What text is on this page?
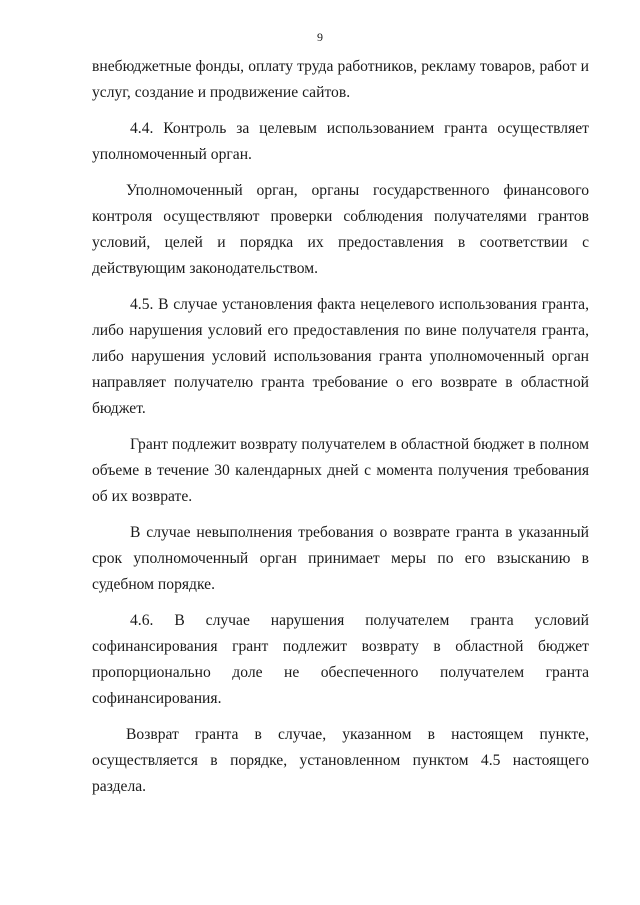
9

внебюджетные фонды, оплату труда работников, рекламу товаров, работ и услуг, создание и продвижение сайтов.

4.4. Контроль за целевым использованием гранта осуществляет уполномоченный орган.

Уполномоченный орган, органы государственного финансового контроля осуществляют проверки соблюдения получателями грантов условий, целей и порядка их предоставления в соответствии с действующим законодательством.

4.5. В случае установления факта нецелевого использования гранта, либо нарушения условий его предоставления по вине получателя гранта, либо нарушения условий использования гранта уполномоченный орган направляет получателю гранта требование о его возврате в областной бюджет.

Грант подлежит возврату получателем в областной бюджет в полном объеме в течение 30 календарных дней с момента получения требования об их возврате.

В случае невыполнения требования о возврате гранта в указанный срок уполномоченный орган принимает меры по его взысканию в судебном порядке.

4.6. В случае нарушения получателем гранта условий софинансирования грант подлежит возврату в областной бюджет пропорционально доле не обеспеченного получателем гранта софинансирования.

Возврат гранта в случае, указанном в настоящем пункте, осуществляется в порядке, установленном пунктом 4.5 настоящего раздела.
